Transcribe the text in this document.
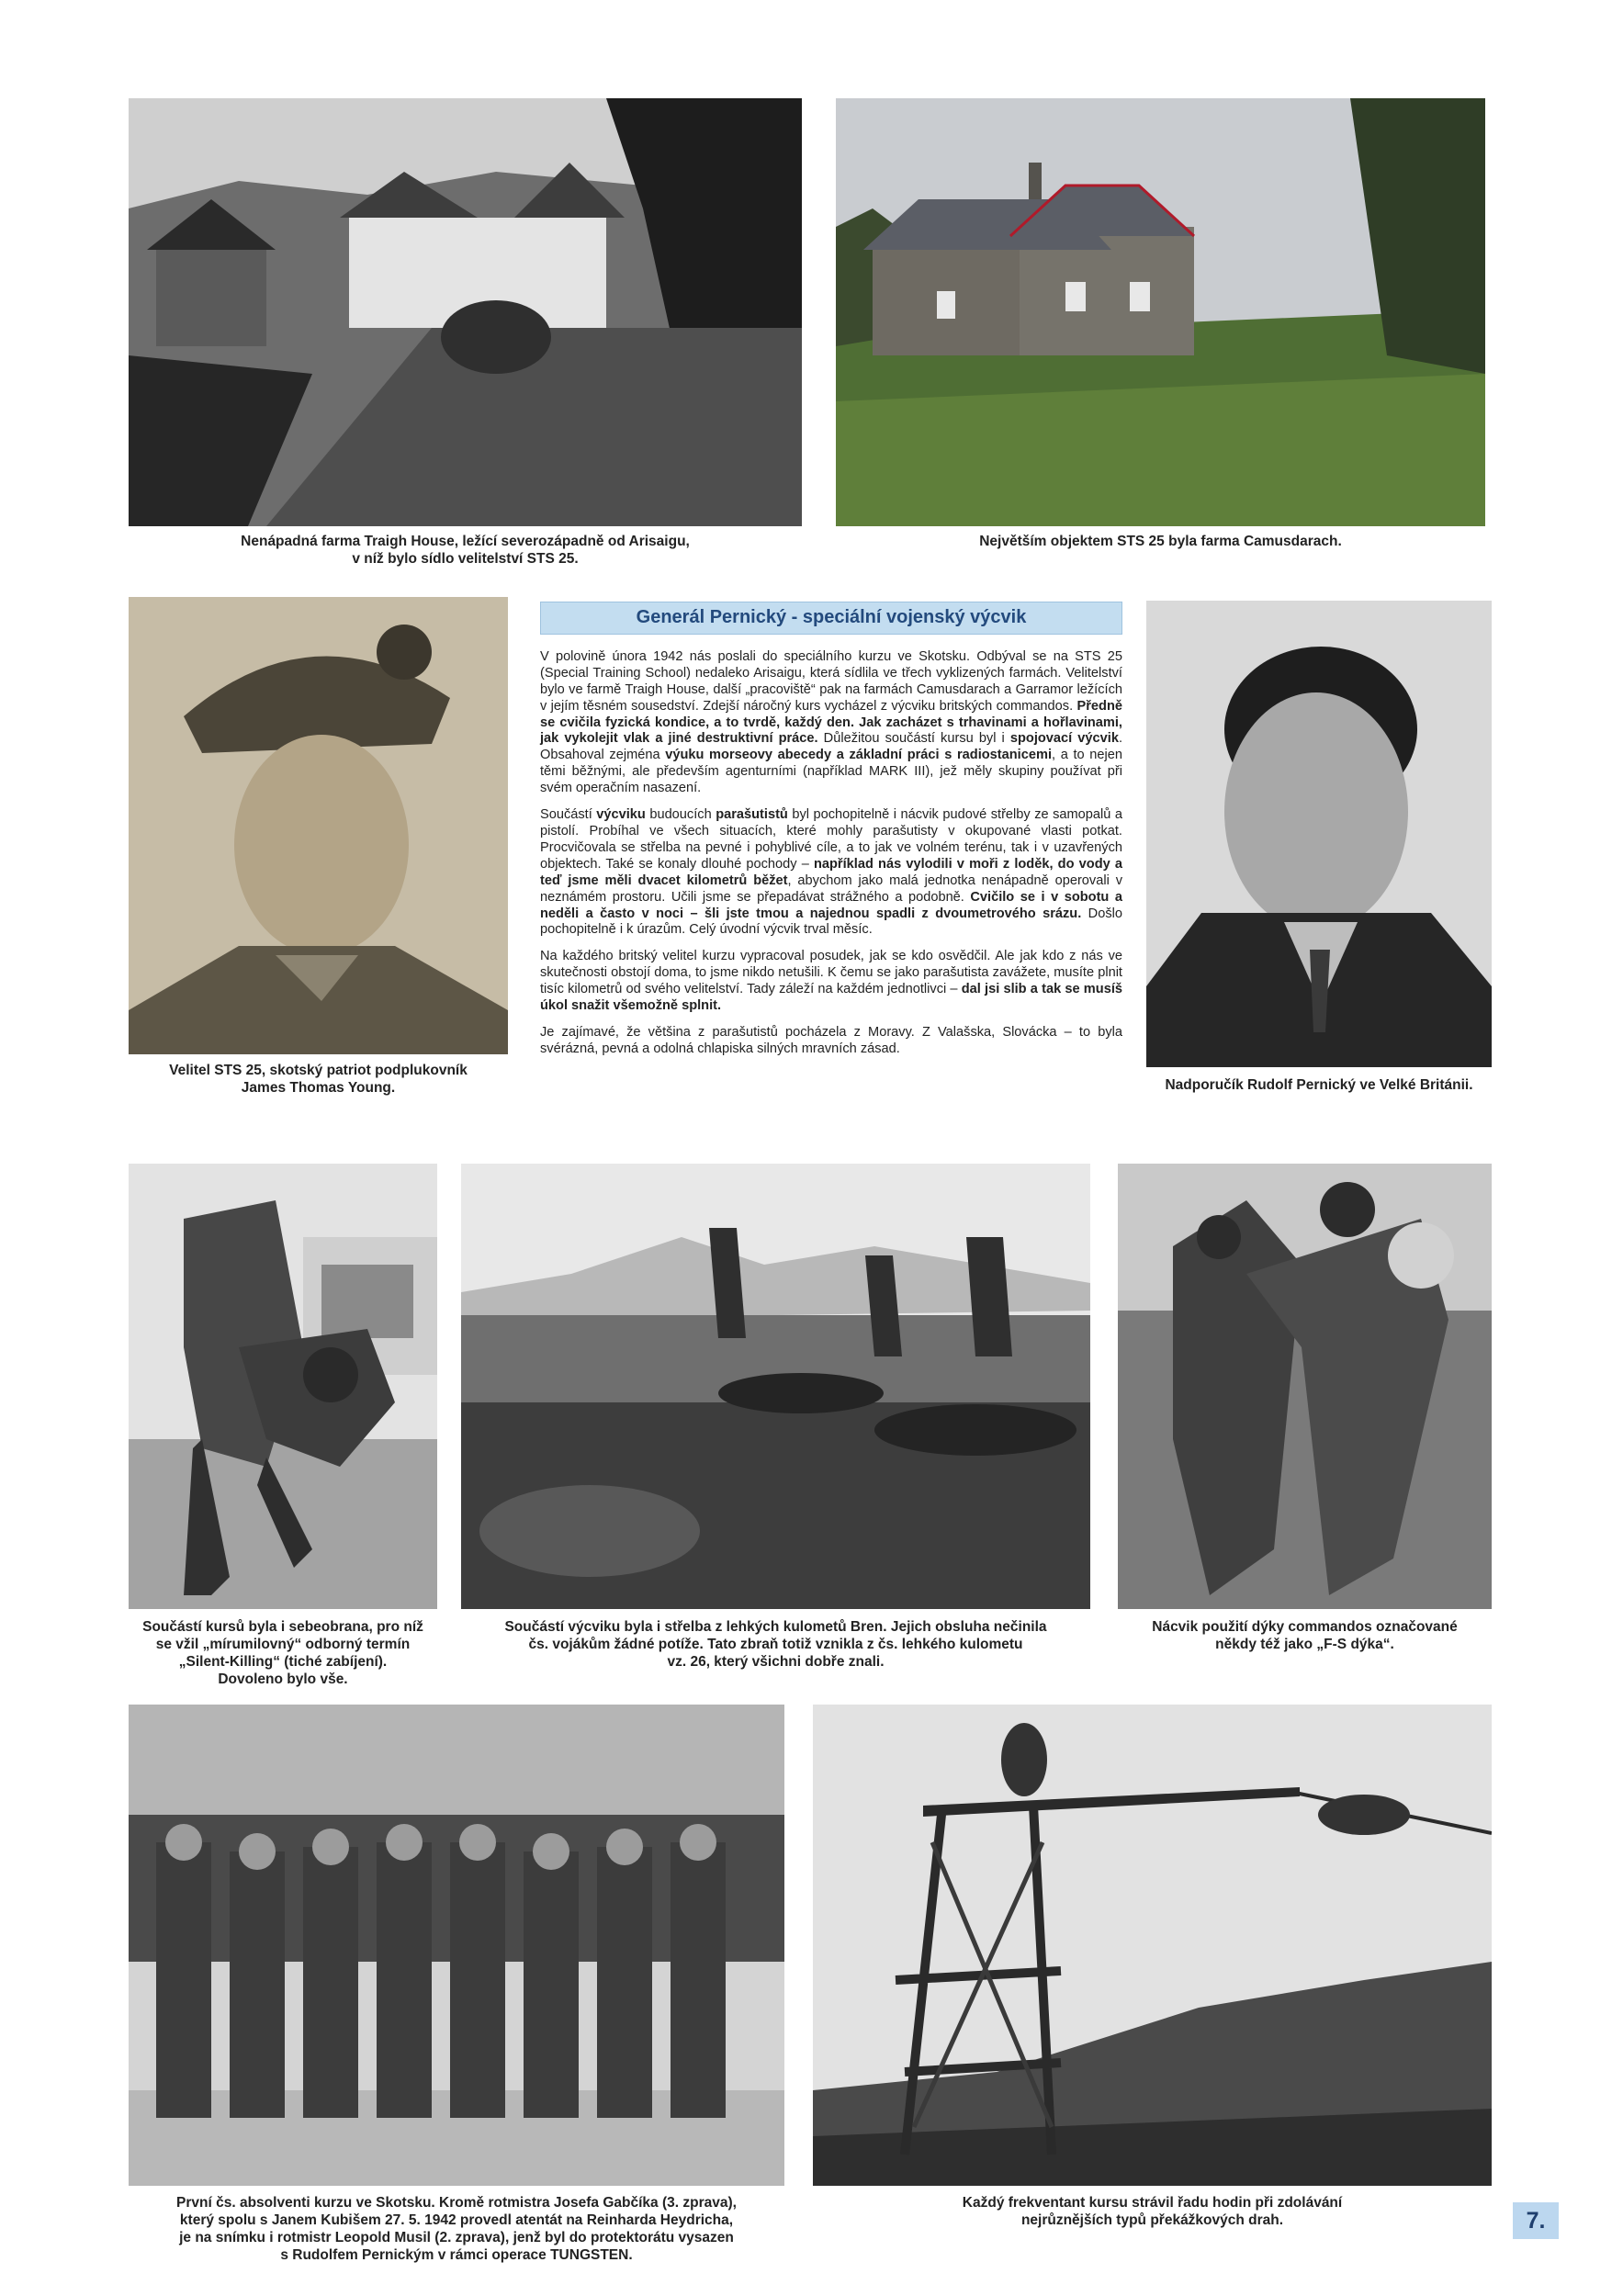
Nenápadná farma Traigh House, ležící severozápadně od Arisaigu,
v níž bylo sídlo velitelství STS 25.
Největším objektem STS 25 byla farma Camusdarach.
Velitel STS 25, skotský patriot podplukovník
James Thomas Young.	Nadporučík Rudolf Pernický ve Velké Británii.
Součástí kursů byla i sebeobrana, pro níž
se vžil „mírumilovný“ odborný termín
„Silent-Killing“ (tiché zabíjení).
Dovoleno bylo vše.
Součástí výcviku byla i střelba z lehkých kulometů Bren. Jejich obsluha nečinila
čs. vojákům žádné potíže. Tato zbraň totiž vznikla z čs. lehkého kulometu
vz. 26, který všichni dobře znali.
Nácvik použití dýky commandos označované
někdy též jako „F-S dýka“.
První čs. absolventi kurzu ve Skotsku. Kromě rotmistra Josefa Gabčíka (3. zprava),
který spolu s Janem Kubišem 27. 5. 1942 provedl atentát na Reinharda Heydricha,
je na snímku i rotmistr Leopold Musil (2. zprava), jenž byl do protektorátu vysazen
s Rudolfem Pernickým v rámci operace TUNGSTEN.
Každý frekventant kursu strávil řadu hodin při zdolávání
nejrůznějších typů překážkových drah.
Generál Pernický - speciální vojenský výcvik

V polovině února 1942 nás poslali do speciálního kurzu ve Skotsku. Odbýval se na STS 25 (Special Training School) nedaleko Arisaigu, která sídlila ve třech vyklizených farmách. Velitelství bylo ve farmě Traigh House, další „pracoviště“ pak na farmách Camusdarach a Garramor ležících v jejím těsném sousedství. Zdejší náročný kurs vycházel z výcviku britských commandos. Předně se cvičila fyzická kondice, a to tvrdě, každý den. Jak zacházet s trhavinami a hořlavinami, jak vykolejit vlak a jiné destruktivní práce. Důležitou součástí kursu byl i spojovací výcvik. Obsahoval zejména výuku morseovy abecedy a základní práci s radiostanicemi, a to nejen těmi běžnými, ale především agenturními (například MARK III), jež měly skupiny používat při svém operačním nasazení.

Součástí výcviku budoucích parašutistů byl pochopitelně i nácvik pudové střelby ze samopalů a pistolí. Probíhal ve všech situacích, které mohly parašutisty v okupované vlasti potkat. Procvičovala se střelba na pevné i pohyblivé cíle, a to jak ve volném terénu, tak i v uzavřených objektech. Také se konaly dlouhé pochody – například nás vylodili v moři z loděk, do vody a teď jsme měli dvacet kilometrů běžet, abychom jako malá jednotka nenápadně operovali v neznámém prostoru. Učili jsme se přepadávat strážného a podobně. Cvičilo se i v sobotu a neděli a často v noci – šli jste tmou a najednou spadli z dvoumetrového srázu. Došlo pochopitelně i k úrazům. Celý úvodní výcvik trval měsíc.

Na každého britský velitel kurzu vypracoval posudek, jak se kdo osvědčil. Ale jak kdo z nás ve skutečnosti obstojí doma, to jsme nikdo netušili. K čemu se jako parašutista zavážete, musíte plnit tisíc kilometrů od svého velitelství. Tady záleží na každém jednotlivci – dal jsi slib a tak se musíš úkol snažit všemožně splnit.

Je zajímavé, že většina z parašutistů pocházela z Moravy. Z Valašska, Slovácka – to byla svérázná, pevná a odolná chlapiska silných mravních zásad.

7.
